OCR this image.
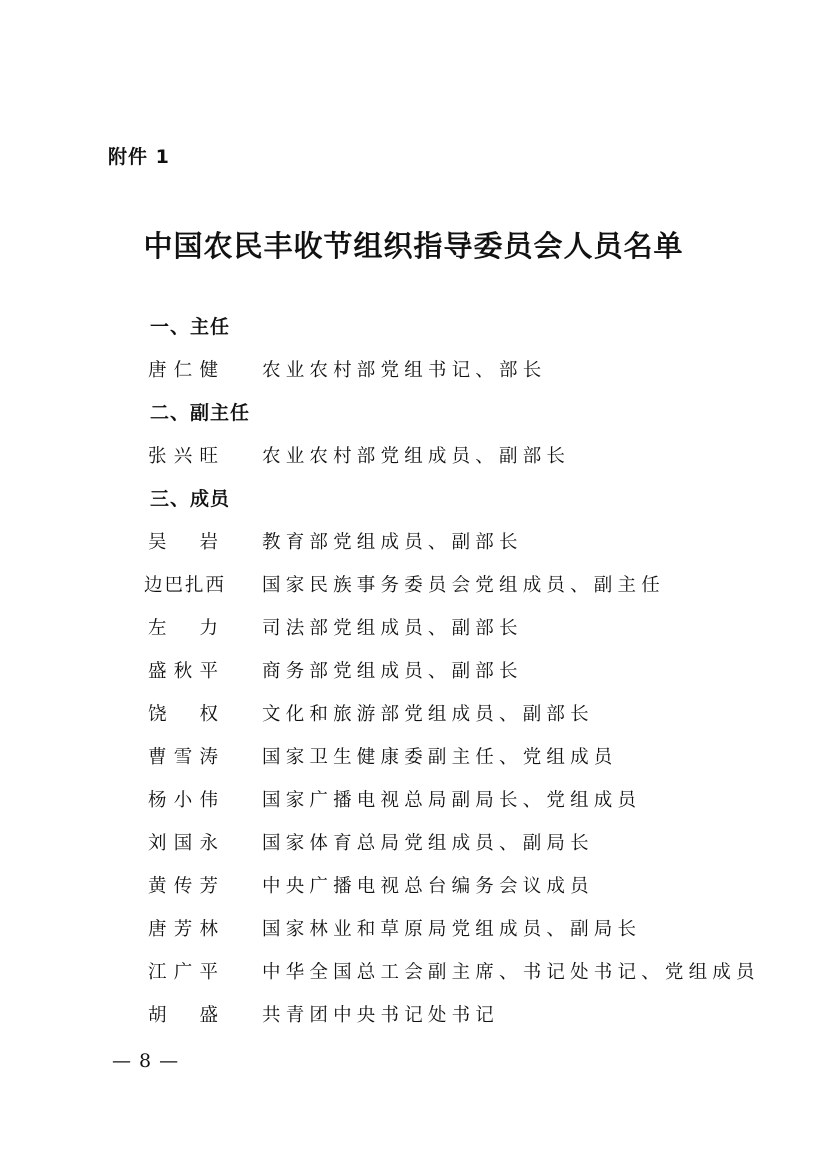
附件 1
中国农民丰收节组织指导委员会人员名单
一、主任
唐仁健 农业农村部党组书记、部长
二、副主任
张兴旺 农业农村部党组成员、副部长
三、成员
吴 岩 教育部党组成员、副部长
边巴扎西 国家民族事务委员会党组成员、副主任
左 力 司法部党组成员、副部长
盛秋平 商务部党组成员、副部长
饶 权 文化和旅游部党组成员、副部长
曹雪涛 国家卫生健康委副主任、党组成员
杨小伟 国家广播电视总局副局长、党组成员
刘国永 国家体育总局党组成员、副局长
黄传芳 中央广播电视总台编务会议成员
唐芳林 国家林业和草原局党组成员、副局长
江广平 中华全国总工会副主席、书记处书记、党组成员
胡 盛 共青团中央书记处书记
— 8 —
